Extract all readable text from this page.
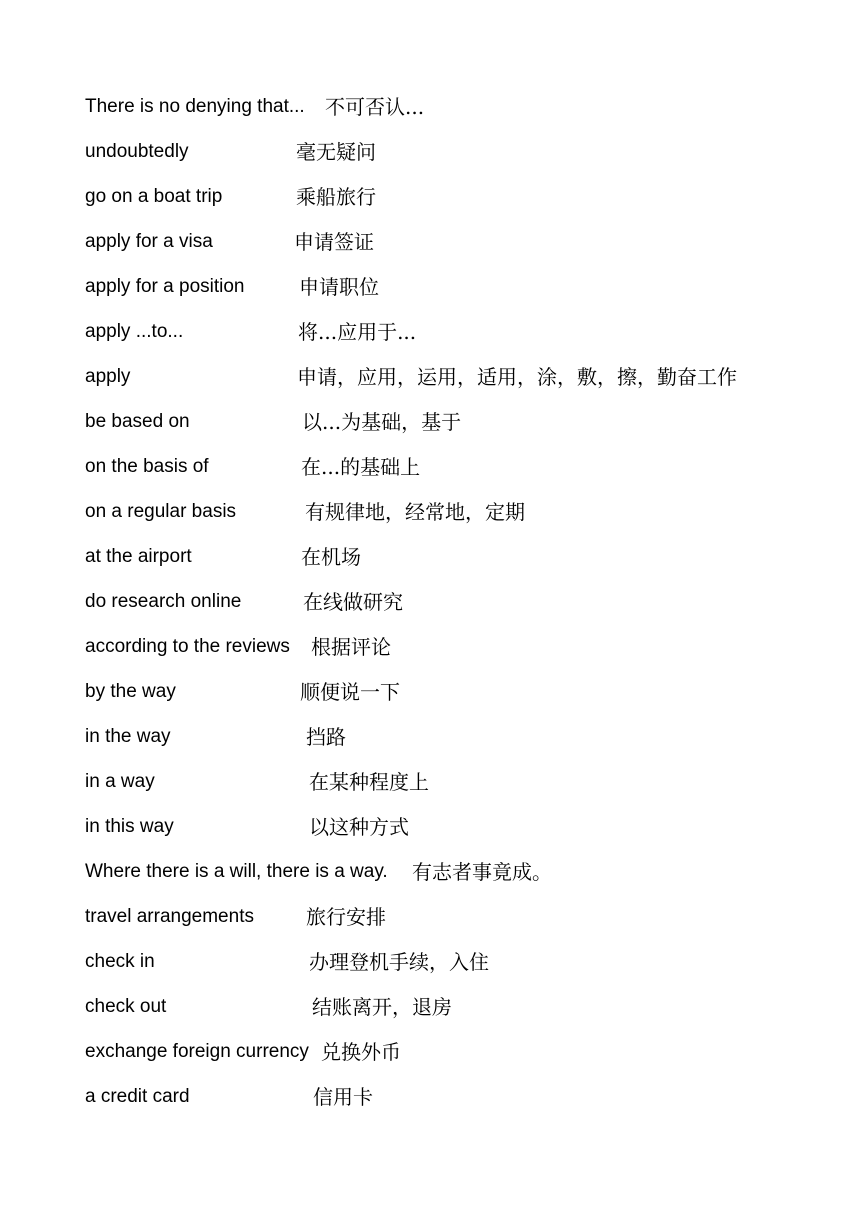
There is no denying that... 不可否认...
undoubtedly	毫无疑问
go on a boat trip	乘船旅行
apply for a visa	申请签证
apply for a position	申请职位
apply ...to...	将...应用于...
apply	申请，应用，运用，适用，涂，敷，擦，勤奋工作
be based on	以...为基础，基于
on the basis of	在...的基础上
on a regular basis	有规律地，经常地，定期
at the airport	在机场
do research online	在线做研究
according to the reviews 根据评论
by the way	顺便说一下
in the way	挡路
in a way	在某种程度上
in this way	以这种方式
Where there is a will, there is a way. 有志者事竟成。
travel arrangements	旅行安排
check in	办理登机手续，入住
check out	结账离开，退房
exchange foreign currency 兑换外币
a credit card	信用卡
